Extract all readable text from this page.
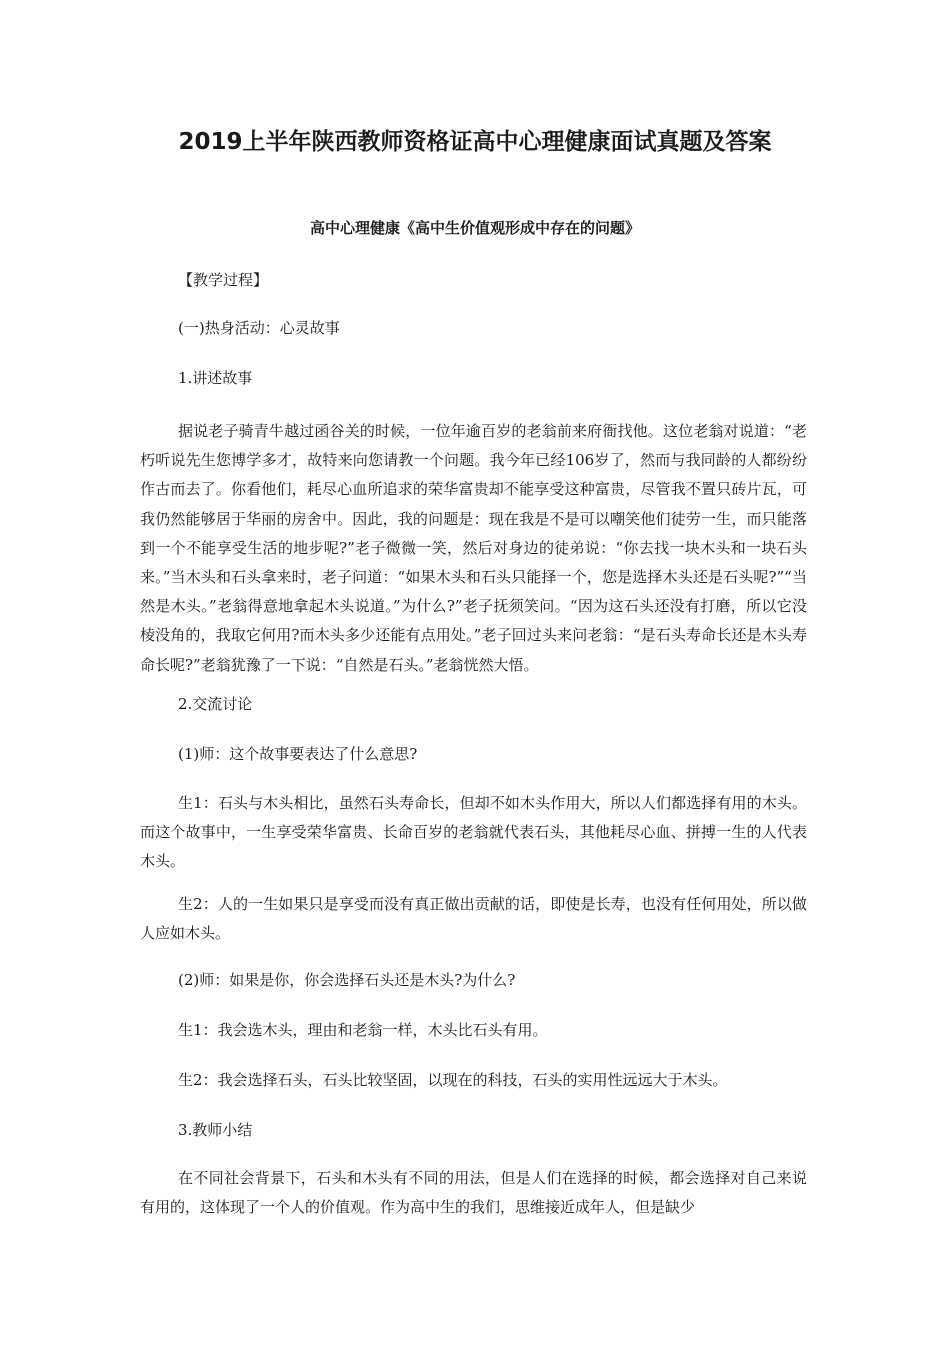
2019上半年陕西教师资格证高中心理健康面试真题及答案
高中心理健康《高中生价值观形成中存在的问题》

【教学过程】

(一)热身活动：心灵故事

1.讲述故事

据说老子骑青牛越过函谷关的时候，一位年逾百岁的老翁前来府衙找他。这位老翁对说道：“老朽听说先生您博学多才，故特来向您请教一个问题。我今年已经106岁了，然而与我同龄的人都纷纷作古而去了。你看他们，耗尽心血所追求的荣华富贵却不能享受这种富贵，尽管我不置只砖片瓦，可我仍然能够居于华丽的房舍中。因此，我的问题是：现在我是不是可以嘲笑他们徒劳一生，而只能落到一个不能享受生活的地步呢?”老子微微一笑，然后对身边的徒弟说：“你去找一块木头和一块石头来。”当木头和石头拿来时，老子问道：“如果木头和石头只能择一个，您是选择木头还是石头呢?”“当然是木头。”老翁得意地拿起木头说道。”为什么?”老子抚须笑问。“因为这石头还没有打磨，所以它没棱没角的，我取它何用?而木头多少还能有点用处。”老子回过头来问老翁：“是石头寿命长还是木头寿命长呢?”老翁犹豫了一下说：“自然是石头。”老翁恍然大悟。

2.交流讨论

(1)师：这个故事要表达了什么意思?

生1：石头与木头相比，虽然石头寿命长，但却不如木头作用大，所以人们都选择有用的木头。而这个故事中，一生享受荣华富贵、长命百岁的老翁就代表石头，其他耗尽心血、拼搏一生的人代表木头。

生2：人的一生如果只是享受而没有真正做出贡献的话，即使是长寿，也没有任何用处，所以做人应如木头。

(2)师：如果是你，你会选择石头还是木头?为什么?

生1：我会选木头，理由和老翁一样，木头比石头有用。

生2：我会选择石头，石头比较坚固，以现在的科技，石头的实用性远远大于木头。

3.教师小结

在不同社会背景下，石头和木头有不同的用法，但是人们在选择的时候，都会选择对自己来说有用的，这体现了一个人的价值观。作为高中生的我们，思维接近成年人，但是缺少
